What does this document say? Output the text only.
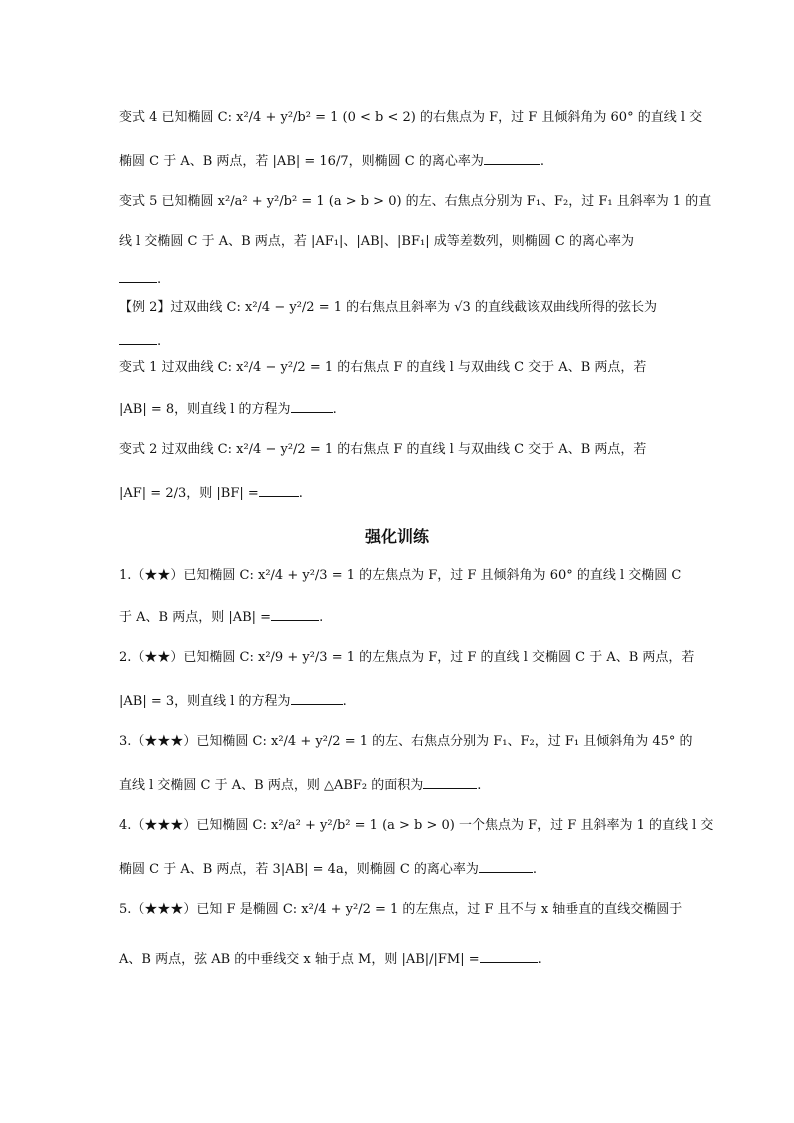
变式 4 已知椭圆 C: x²/4 + y²/b² = 1 (0 < b < 2) 的右焦点为 F，过 F 且倾斜角为 60° 的直线 l 交
椭圆 C 于 A、B 两点，若 |AB| = 16/7，则椭圆 C 的离心率为	.
变式 5 已知椭圆 x²/a² + y²/b² = 1 (a > b > 0) 的左、右焦点分别为 F₁、F₂，过 F₁ 且斜率为 1 的直
线 l 交椭圆 C 于 A、B 两点，若 |AF₁|、|AB|、|BF₁| 成等差数列，则椭圆 C 的离心率为
.
【例 2】过双曲线 C: x²/4 − y²/2 = 1 的右焦点且斜率为 √3 的直线截该双曲线所得的弦长为
.
变式 1 过双曲线 C: x²/4 − y²/2 = 1 的右焦点 F 的直线 l 与双曲线 C 交于 A、B 两点，若
|AB| = 8，则直线 l 的方程为	.
变式 2 过双曲线 C: x²/4 − y²/2 = 1 的右焦点 F 的直线 l 与双曲线 C 交于 A、B 两点，若
|AF| = 2/3，则 |BF| =	.
强化训练
1.（★★）已知椭圆 C: x²/4 + y²/3 = 1 的左焦点为 F，过 F 且倾斜角为 60° 的直线 l 交椭圆 C
于 A、B 两点，则 |AB| =	.
2.（★★）已知椭圆 C: x²/9 + y²/3 = 1 的左焦点为 F，过 F 的直线 l 交椭圆 C 于 A、B 两点，若
|AB| = 3，则直线 l 的方程为	.
3.（★★★）已知椭圆 C: x²/4 + y²/2 = 1 的左、右焦点分别为 F₁、F₂，过 F₁ 且倾斜角为 45° 的
直线 l 交椭圆 C 于 A、B 两点，则 △ABF₂ 的面积为	.
4.（★★★）已知椭圆 C: x²/a² + y²/b² = 1 (a > b > 0) 一个焦点为 F，过 F 且斜率为 1 的直线 l 交
椭圆 C 于 A、B 两点，若 3|AB| = 4a，则椭圆 C 的离心率为	.
5.（★★★）已知 F 是椭圆 C: x²/4 + y²/2 = 1 的左焦点，过 F 且不与 x 轴垂直的直线交椭圆于
A、B 两点，弦 AB 的中垂线交 x 轴于点 M，则 |AB|/|FM| =	.
